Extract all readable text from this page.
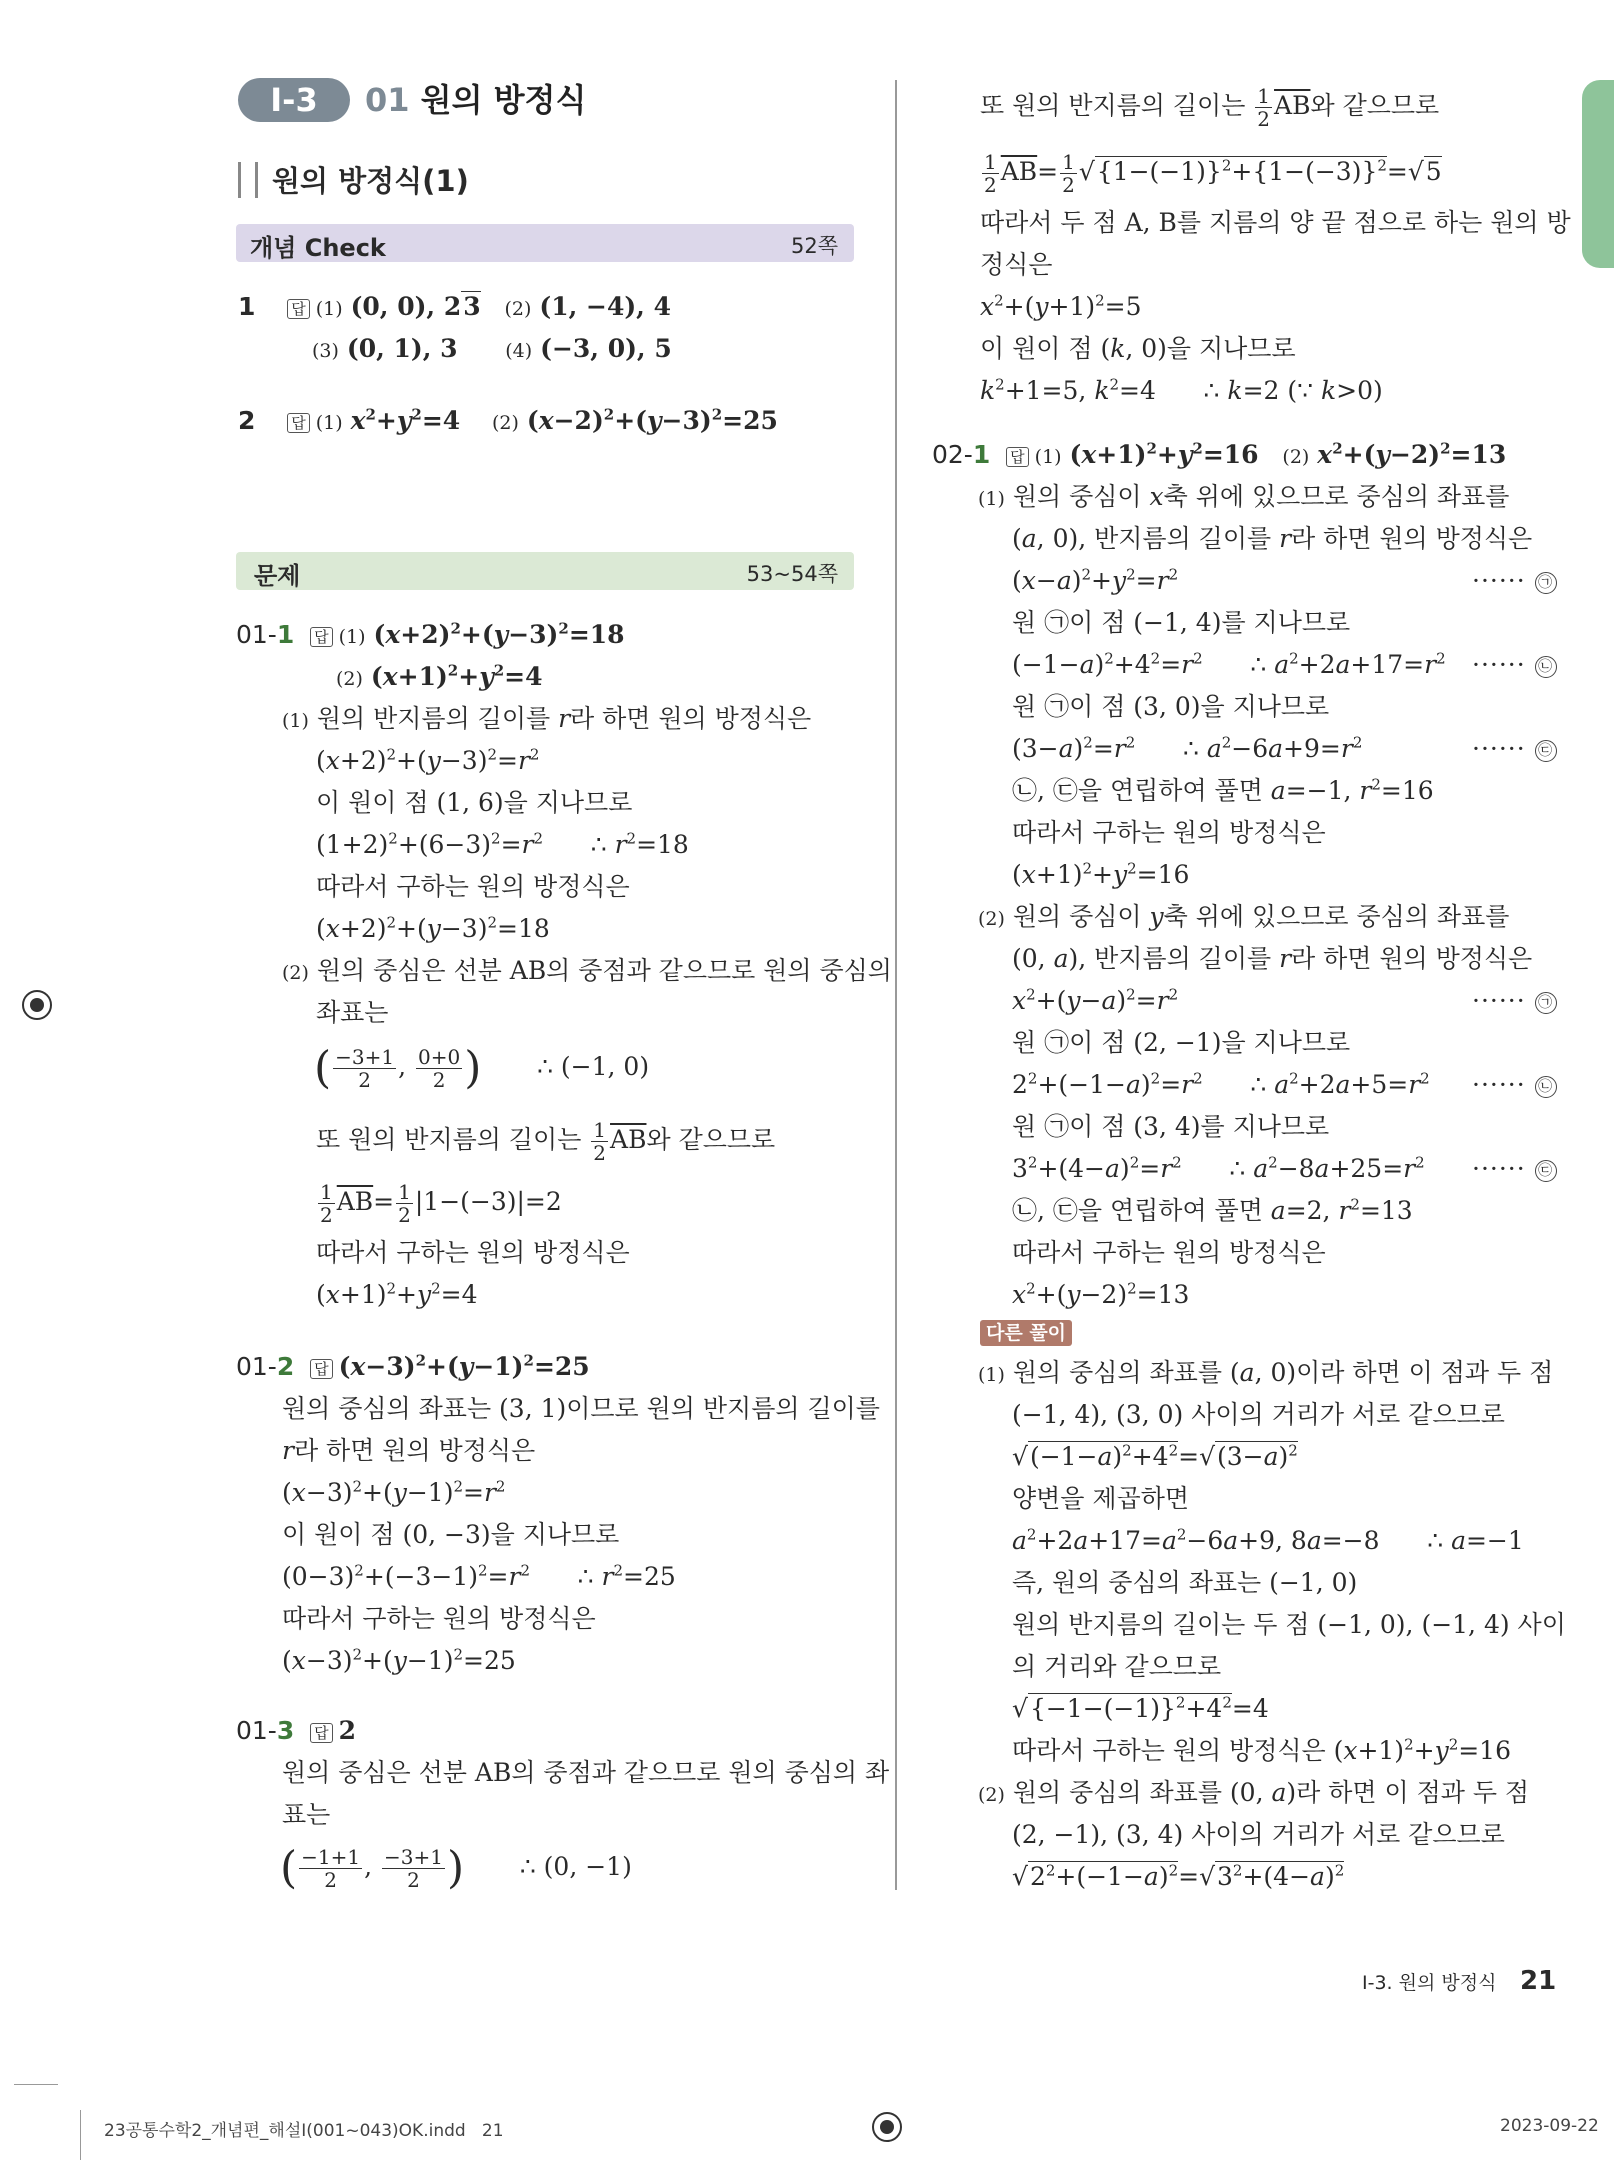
Ⅰ-3	01 원의 방정식
원의 방정식(1)
개념 Check	52쪽
1 답 (1) (0, 0), 23 (2) (1, −4), 4
(3) (0, 1), 3	(4) (−3, 0), 5
2 답 (1) $x^2+y^2=4$ (2) $(x-2)^2+(y-3)^2=25$
문제	53~54쪽
01-1 답 (1) $(x+2)^2+(y-3)^2=18$
(2) $(x+1)^2+y^2=4$
(1) 원의 반지름의 길이를 r라 하면 원의 방정식은
$(x+2)^2+(y-3)^2=r^2$
이 원이 점 (1, 6)을 지나므로
$(1+2)^2+(6-3)^2=r^2$      ∴ $r^2=18$
따라서 구하는 원의 방정식은
$(x+2)^2+(y-3)^2=18$
(2) 원의 중심은 선분 AB의 중점과 같으므로 원의 중심의
좌표는
( $\frac{-3+1}{2}$ , $\frac{0+0}{2}$ )       ∴ (−1, 0)
또 원의 반지름의 길이는 $\frac{1}{2} \overline{AB}$와 같으므로
$\frac{1}{2} \overline{AB}= \frac{1}{2} |1-(-3)|=2$
따라서 구하는 원의 방정식은
$(x+1)^2+y^2=4$
01-2 답 $(x-3)^2+(y-1)^2=25$
원의 중심의 좌표는 (3, 1)이므로 원의 반지름의 길이를
r라 하면 원의 방정식은
$(x-3)^2+(y-1)^2=r^2$
이 원이 점 (0, −3)을 지나므로
$(0-3)^2+(-3-1)^2=r^2$      ∴ $r^2=25$
따라서 구하는 원의 방정식은
$(x-3)^2+(y-1)^2=25$
01-3 답 2
원의 중심은 선분 AB의 중점과 같으므로 원의 중심의 좌
표는
( $\frac{-1+1}{2}$ , $\frac{-3+1}{2}$ )       ∴ (0, −1)
또 원의 반지름의 길이는 $\frac{1}{2} \overline{AB}$와 같으므로
$\frac{1}{2} \overline{AB}= \frac{1}{2} √\{1-(-1)\}^2+\{1-(-3)\}^2=√5$
따라서 두 점 A, B를 지름의 양 끝 점으로 하는 원의 방
정식은
$x^2+(y+1)^2=5$
이 원이 점 (k, 0)을 지나므로
$k^2+1=5$, $k^2=4$      ∴ k=2 (∵ k>0)
02-1 답 (1) $(x+1)^2+y^2=16$ (2) $x^2+(y-2)^2=13$
(1) 원의 중심이 x축 위에 있으므로 중심의 좌표를
(a, 0), 반지름의 길이를 r라 하면 원의 방정식은
$(x-a)^2+y^2=r^2$	······ ㉠
원 ㉠이 점 (−1, 4)를 지나므로
$(-1-a)^2+4^2=r^2$      ∴ $a^2+2a+17=r^2$ ······ ㉡
원 ㉠이 점 (3, 0)을 지나므로
$(3-a)^2=r^2$      ∴ $a^2-6a+9=r^2$	······ ㉢
㉡, ㉢을 연립하여 풀면 a=−1, $r^2=16$
따라서 구하는 원의 방정식은
$(x+1)^2+y^2=16$
(2) 원의 중심이 y축 위에 있으므로 중심의 좌표를
(0, a), 반지름의 길이를 r라 하면 원의 방정식은
$x^2+(y-a)^2=r^2$	······ ㉠
원 ㉠이 점 (2, −1)을 지나므로
$2^2+(-1-a)^2=r^2$      ∴ $a^2+2a+5=r^2$ ······ ㉡
원 ㉠이 점 (3, 4)를 지나므로
$3^2+(4-a)^2=r^2$      ∴ $a^2-8a+25=r^2$ ······ ㉢
㉡, ㉢을 연립하여 풀면 a=2, $r^2=13$
따라서 구하는 원의 방정식은
$x^2+(y-2)^2=13$
다른 풀이
(1) 원의 중심의 좌표를 (a, 0)이라 하면 이 점과 두 점
(−1, 4), (3, 0) 사이의 거리가 서로 같으므로
$√(-1-a)^2+4^2=√(3-a)^2$
양변을 제곱하면
$a^2+2a+17=a^2-6a+9$, 8a=−8      ∴ a=−1
즉, 원의 중심의 좌표는 (−1, 0)
원의 반지름의 길이는 두 점 (−1, 0), (−1, 4) 사이
의 거리와 같으므로
$√\{-1-(-1)\}^2+4^2=4$
따라서 구하는 원의 방정식은 $(x+1)^2+y^2=16$
(2) 원의 중심의 좌표를 (0, a)라 하면 이 점과 두 점
(2, −1), (3, 4) 사이의 거리가 서로 같으므로
$√2^2+(-1-a)^2=√3^2+(4-a)^2$
Ⅰ-3. 원의 방정식 21
23공통수학2_개념편_해설Ⅰ(001~043)OK.indd   21	2023-09-22
